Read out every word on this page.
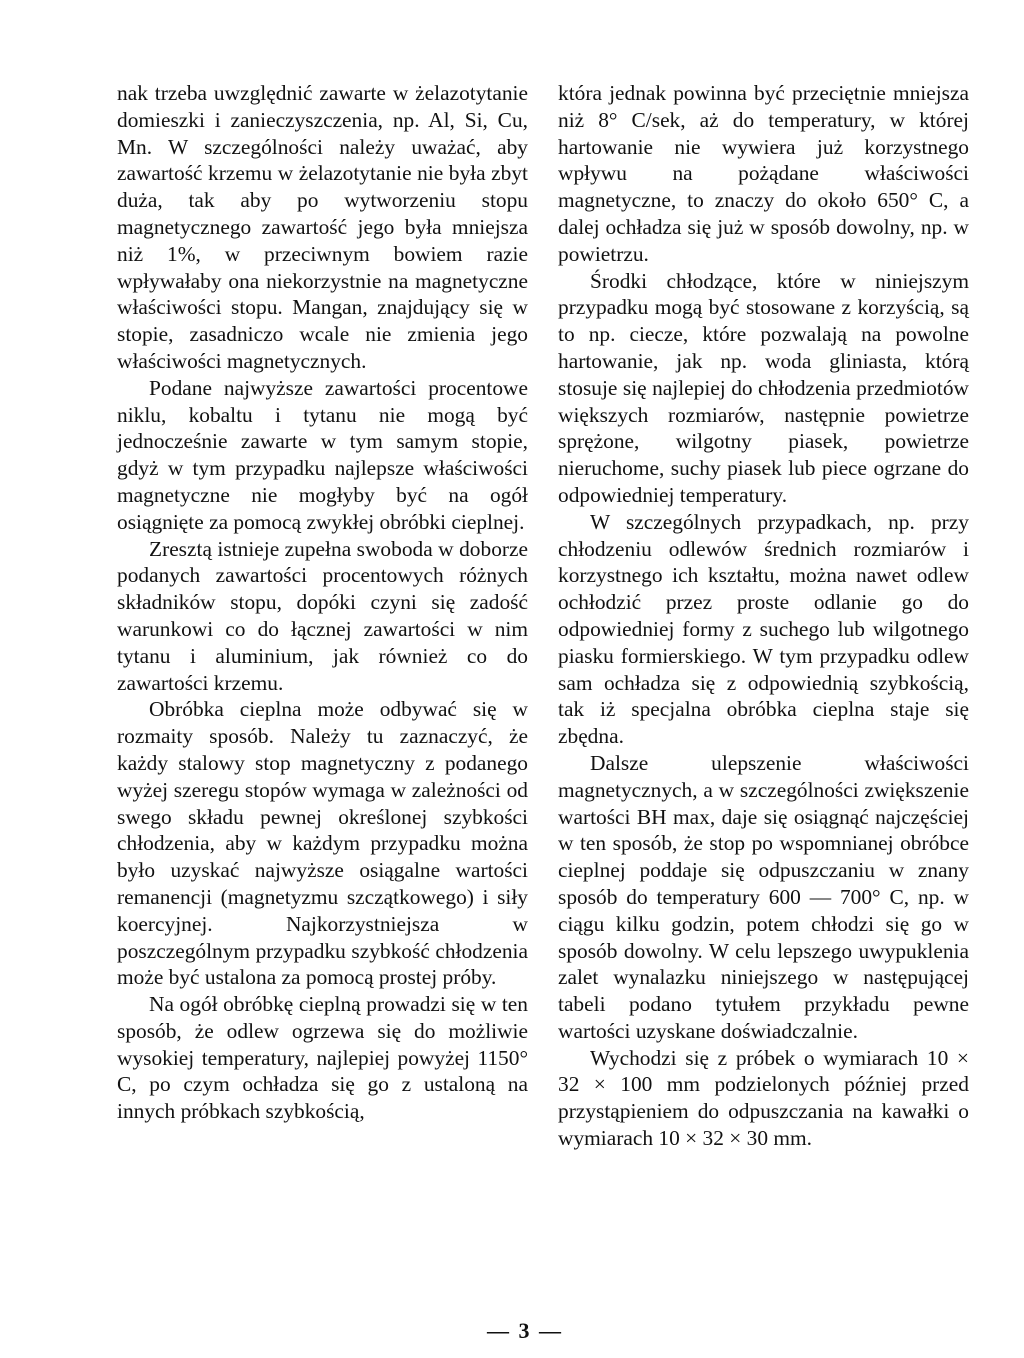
nak trzeba uwzględnić zawarte w żelazotytanie domieszki i zanieczyszczenia, np. Al, Si, Cu, Mn. W szczególności należy uważać, aby zawartość krzemu w żelazotytanie nie była zbyt duża, tak aby po wytworzeniu stopu magnetycznego zawartość jego była mniejsza niż 1%, w przeciwnym bowiem razie wpływałaby ona niekorzystnie na magnetyczne właściwości stopu. Mangan, znajdujący się w stopie, zasadniczo wcale nie zmienia jego właściwości magnetycznych.

Podane najwyższe zawartości procentowe niklu, kobaltu i tytanu nie mogą być jednocześnie zawarte w tym samym stopie, gdyż w tym przypadku najlepsze właściwości magnetyczne nie mogłyby być na ogół osiągnięte za pomocą zwykłej obróbki cieplnej.

Zresztą istnieje zupełna swoboda w doborze podanych zawartości procentowych różnych składników stopu, dopóki czyni się zadość warunkowi co do łącznej zawartości w nim tytanu i aluminium, jak również co do zawartości krzemu.

Obróbka cieplna może odbywać się w rozmaity sposób. Należy tu zaznaczyć, że każdy stalowy stop magnetyczny z podanego wyżej szeregu stopów wymaga w zależności od swego składu pewnej określonej szybkości chłodzenia, aby w każdym przypadku można było uzyskać najwyższe osiągalne wartości remanencji (magnetyzmu szczątkowego) i siły koercyjnej. Najkorzystniejsza w poszczególnym przypadku szybkość chłodzenia może być ustalona za pomocą prostej próby.

Na ogół obróbkę cieplną prowadzi się w ten sposób, że odlew ogrzewa się do możliwie wysokiej temperatury, najlepiej powyżej 1150° C, po czym ochładza się go z ustaloną na innych próbkach szybkością,

która jednak powinna być przeciętnie mniejsza niż 8° C/sek, aż do temperatury, w której hartowanie nie wywiera już korzystnego wpływu na pożądane właściwości magnetyczne, to znaczy do około 650° C, a dalej ochładza się już w sposób dowolny, np. w powietrzu.

Środki chłodzące, które w niniejszym przypadku mogą być stosowane z korzyścią, są to np. ciecze, które pozwalają na powolne hartowanie, jak np. woda gliniasta, którą stosuje się najlepiej do chłodzenia przedmiotów większych rozmiarów, następnie powietrze sprężone, wilgotny piasek, powietrze nieruchome, suchy piasek lub piece ogrzane do odpowiedniej temperatury.

W szczególnych przypadkach, np. przy chłodzeniu odlewów średnich rozmiarów i korzystnego ich kształtu, można nawet odlew ochłodzić przez proste odlanie go do odpowiedniej formy z suchego lub wilgotnego piasku formierskiego. W tym przypadku odlew sam ochładza się z odpowiednią szybkością, tak iż specjalna obróbka cieplna staje się zbędna.

Dalsze ulepszenie właściwości magnetycznych, a w szczególności zwiększenie wartości BH max, daje się osiągnąć najczęściej w ten sposób, że stop po wspomnianej obróbce cieplnej poddaje się odpuszczaniu w znany sposób do temperatury 600 — 700° C, np. w ciągu kilku godzin, potem chłodzi się go w sposób dowolny. W celu lepszego uwypuklenia zalet wynalazku niniejszego w następującej tabeli podano tytułem przykładu pewne wartości uzyskane doświadczalnie.

Wychodzi się z próbek o wymiarach 10 × 32 × 100 mm podzielonych później przed przystąpieniem do odpuszczania na kawałki o wymiarach 10 × 32 × 30 mm.

— 3 —
